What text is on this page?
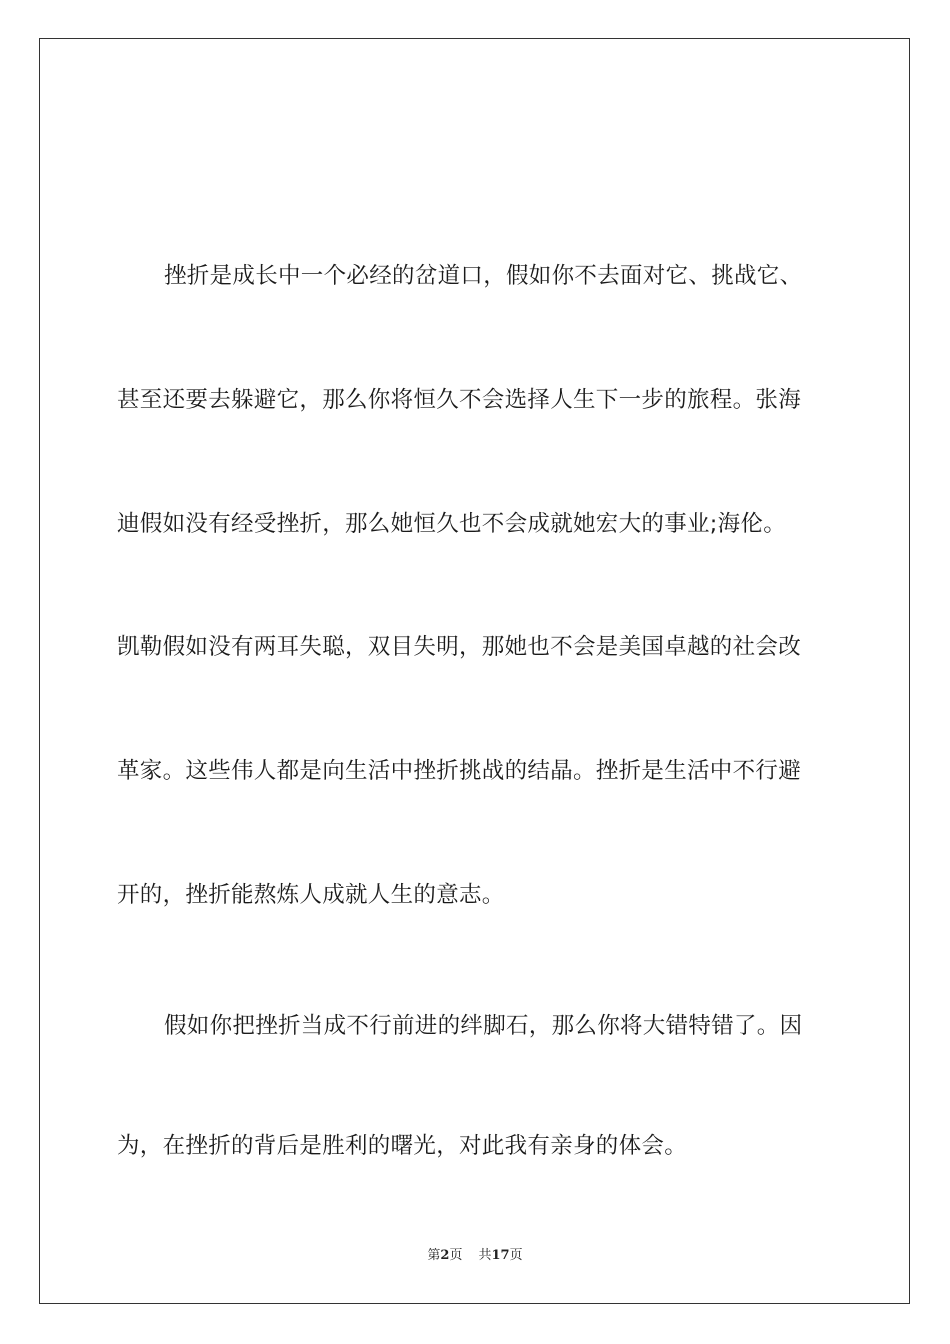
挫折是成长中一个必经的岔道口，假如你不去面对它、挑战它、
甚至还要去躲避它，那么你将恒久不会选择人生下一步的旅程。张海
迪假如没有经受挫折，那么她恒久也不会成就她宏大的事业;海伦。
凯勒假如没有两耳失聪，双目失明，那她也不会是美国卓越的社会改
革家。这些伟人都是向生活中挫折挑战的结晶。挫折是生活中不行避
开的，挫折能熬炼人成就人生的意志。
假如你把挫折当成不行前进的绊脚石，那么你将大错特错了。因
为，在挫折的背后是胜利的曙光，对此我有亲身的体会。
第2页 共17页
